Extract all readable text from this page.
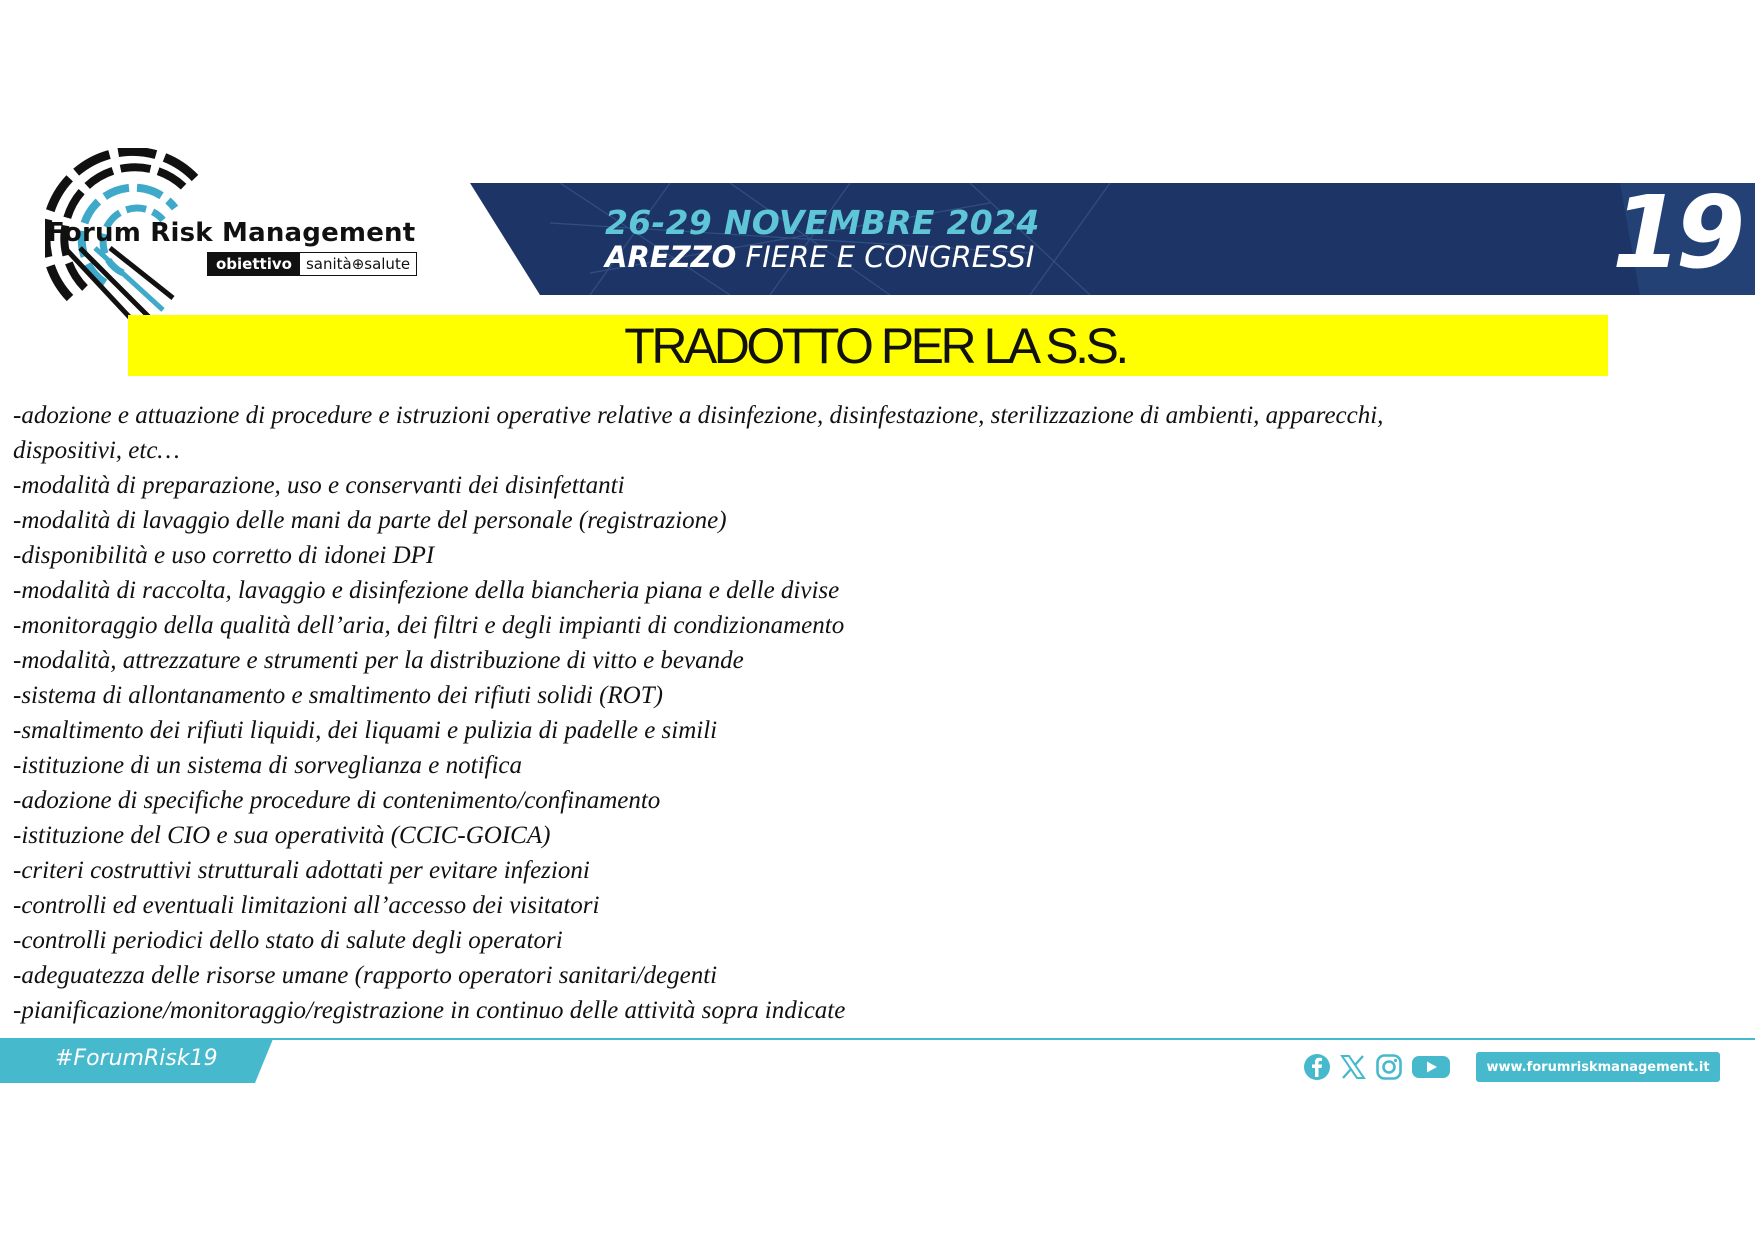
Forum Risk Management
obiettivo sanità⊕salute
26-29 NOVEMBRE 2024
AREZZO FIERE E CONGRESSI	19
TRADOTTO PER LA S.S.
-adozione e attuazione di procedure e istruzioni operative relative a disinfezione, disinfestazione, sterilizzazione di ambienti, apparecchi,
dispositivi, etc…
-modalità di preparazione, uso e conservanti dei disinfettanti
-modalità di lavaggio delle mani da parte del personale (registrazione)
-disponibilità e uso corretto di idonei DPI
-modalità di raccolta, lavaggio e disinfezione della biancheria piana e delle divise
-monitoraggio della qualità dell’aria, dei filtri e degli impianti di condizionamento
-modalità, attrezzature e strumenti per la distribuzione di vitto e bevande
-sistema di allontanamento e smaltimento dei rifiuti solidi (ROT)
-smaltimento dei rifiuti liquidi, dei liquami e pulizia di padelle e simili
-istituzione di un sistema di sorveglianza e notifica
-adozione di specifiche procedure di contenimento/confinamento
-istituzione del CIO e sua operatività (CCIC-GOICA)
-criteri costruttivi strutturali adottati per evitare infezioni
-controlli ed eventuali limitazioni all’accesso dei visitatori
-controlli periodici dello stato di salute degli operatori
-adeguatezza delle risorse umane (rapporto operatori sanitari/degenti
-pianificazione/monitoraggio/registrazione in continuo delle attività sopra indicate
#ForumRisk19	www.forumriskmanagement.it
